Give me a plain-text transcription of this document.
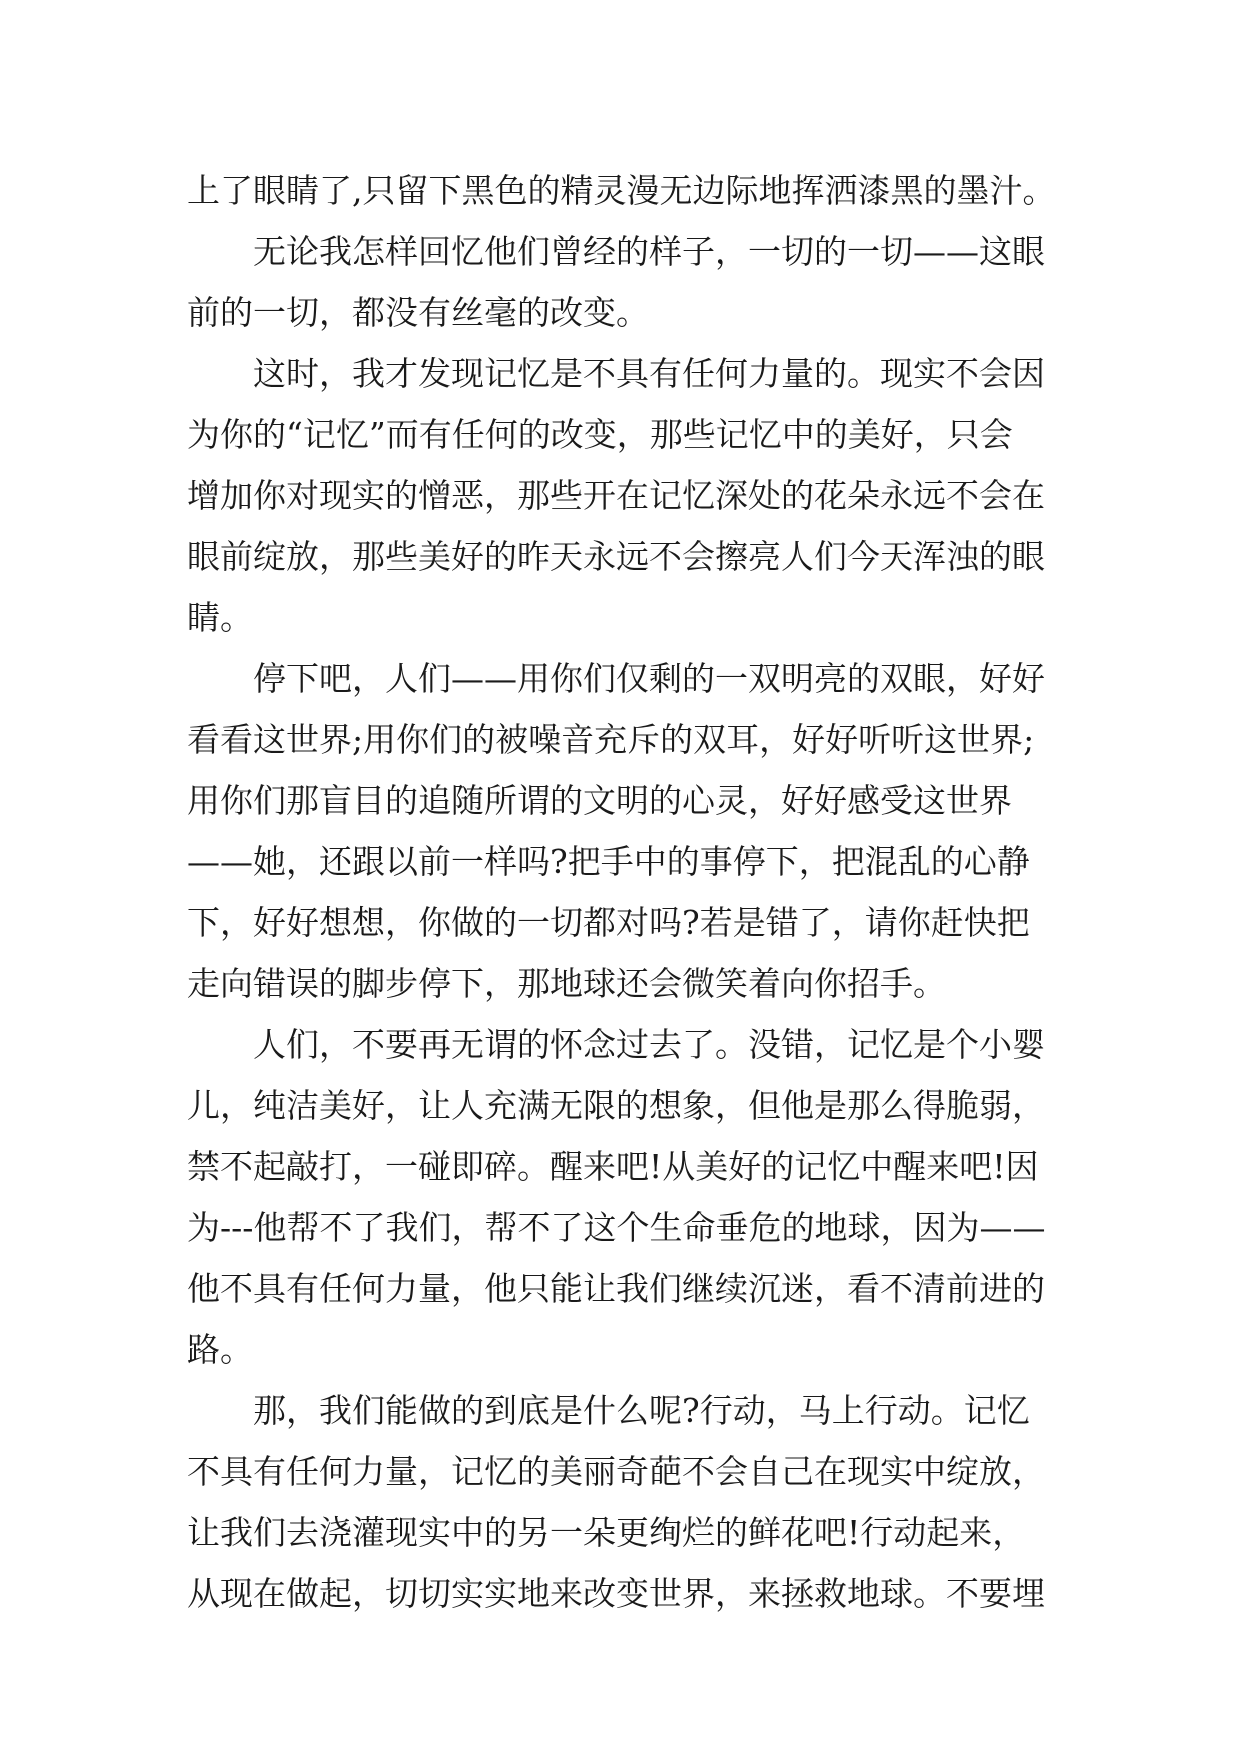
上了眼睛了,只留下黑色的精灵漫无边际地挥洒漆黑的墨汁。
无论我怎样回忆他们曾经的样子，一切的一切——这眼
前的一切，都没有丝毫的改变。
这时，我才发现记忆是不具有任何力量的。现实不会因
为你的“记忆”而有任何的改变，那些记忆中的美好，只会
增加你对现实的憎恶，那些开在记忆深处的花朵永远不会在
眼前绽放，那些美好的昨天永远不会擦亮人们今天浑浊的眼
睛。
停下吧，人们——用你们仅剩的一双明亮的双眼，好好
看看这世界;用你们的被噪音充斥的双耳，好好听听这世界;
用你们那盲目的追随所谓的文明的心灵，好好感受这世界
——她，还跟以前一样吗?把手中的事停下，把混乱的心静
下，好好想想，你做的一切都对吗?若是错了，请你赶快把
走向错误的脚步停下，那地球还会微笑着向你招手。
人们，不要再无谓的怀念过去了。没错，记忆是个小婴
儿，纯洁美好，让人充满无限的想象，但他是那么得脆弱，
禁不起敲打，一碰即碎。醒来吧!从美好的记忆中醒来吧!因
为---他帮不了我们，帮不了这个生命垂危的地球，因为——
他不具有任何力量，他只能让我们继续沉迷，看不清前进的
路。
那，我们能做的到底是什么呢?行动，马上行动。记忆
不具有任何力量，记忆的美丽奇葩不会自己在现实中绽放，
让我们去浇灌现实中的另一朵更绚烂的鲜花吧!行动起来，
从现在做起，切切实实地来改变世界，来拯救地球。不要埋
